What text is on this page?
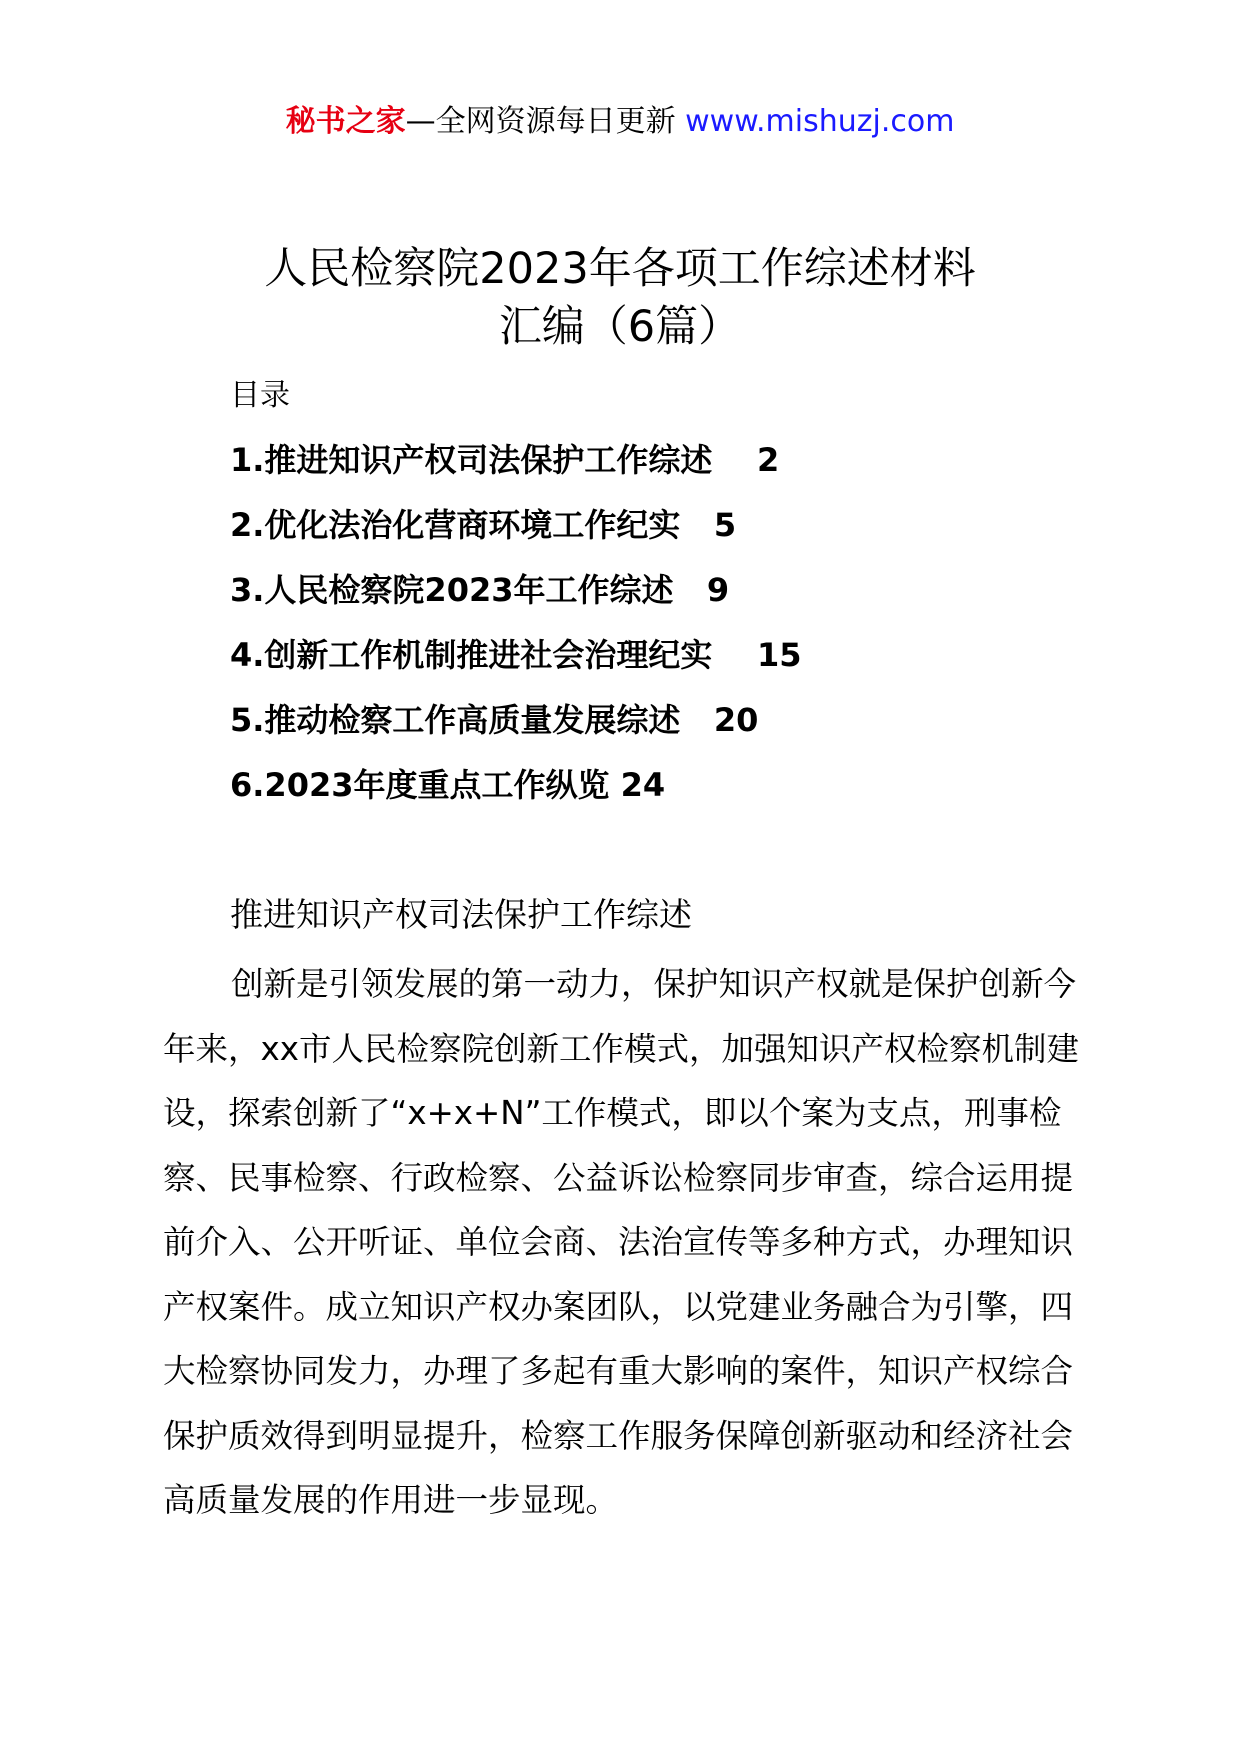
秘书之家—全网资源每日更新 www.mishuzj.com
人民检察院2023年各项工作综述材料
汇编（6篇）
目录
1.推进知识产权司法保护工作综述    2
2.优化法治化营商环境工作纪实   5
3.人民检察院2023年工作综述   9
4.创新工作机制推进社会治理纪实    15
5.推动检察工作高质量发展综述   20
6.2023年度重点工作纵览 24
推进知识产权司法保护工作综述

创新是引领发展的第一动力，保护知识产权就是保护创新今年来，xx市人民检察院创新工作模式，加强知识产权检察机制建设，探索创新了“x+x+N”工作模式，即以个案为支点，刑事检察、民事检察、行政检察、公益诉讼检察同步审查，综合运用提前介入、公开听证、单位会商、法治宣传等多种方式，办理知识产权案件。成立知识产权办案团队，以党建业务融合为引擎，四大检察协同发力，办理了多起有重大影响的案件，知识产权综合保护质效得到明显提升，检察工作服务保障创新驱动和经济社会高质量发展的作用进一步显现。
